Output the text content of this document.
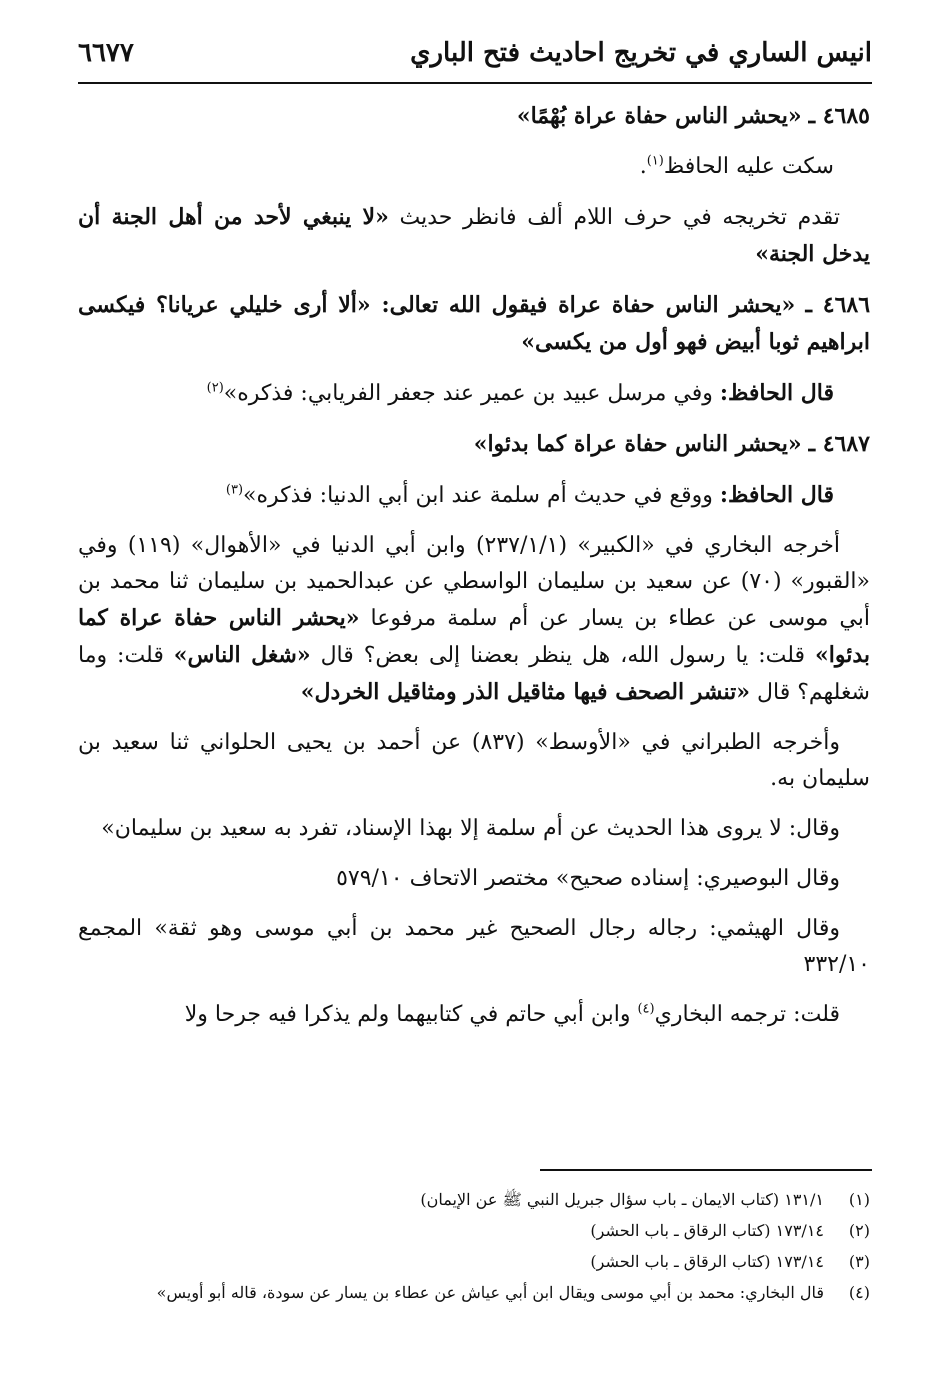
انيس الساري في تخريج احاديث فتح الباري
٦٦٧٧

٤٦٨٥ ـ «يحشر الناس حفاة عراة بُهْمًا»

سكت عليه الحافظ$^{(١)}$.

تقدم تخريجه في حرف اللام ألف فانظر حديث «لا ينبغي لأحد من أهل الجنة أن يدخل الجنة»

٤٦٨٦ ـ «يحشر الناس حفاة عراة فيقول الله تعالى: «ألا أرى خليلي عريانا؟ فيكسى ابراهيم ثوبا أبيض فهو أول من يكسى»

قال الحافظ: وفي مرسل عبيد بن عمير عند جعفر الفريابي: فذكره»$^{(٢)}$

٤٦٨٧ ـ «يحشر الناس حفاة عراة كما بدئوا»

قال الحافظ: ووقع في حديث أم سلمة عند ابن أبي الدنيا: فذكره»$^{(٣)}$

أخرجه البخاري في «الكبير» (٢٣٧/١/١) وابن أبي الدنيا في «الأهوال» (١١٩) وفي «القبور» (٧٠) عن سعيد بن سليمان الواسطي عن عبدالحميد بن سليمان ثنا محمد بن أبي موسى عن عطاء بن يسار عن أم سلمة مرفوعا «يحشر الناس حفاة عراة كما بدئوا» قلت: يا رسول الله، هل ينظر بعضنا إلى بعض؟ قال «شغل الناس» قلت: وما شغلهم؟ قال «تنشر الصحف فيها مثاقيل الذر ومثاقيل الخردل»

وأخرجه الطبراني في «الأوسط» (٨٣٧) عن أحمد بن يحيى الحلواني ثنا سعيد بن سليمان به.

وقال: لا يروى هذا الحديث عن أم سلمة إلا بهذا الإسناد، تفرد به سعيد بن سليمان»

وقال البوصيري: إسناده صحيح» مختصر الاتحاف ٥٧٩/١٠

وقال الهيثمي: رجاله رجال الصحيح غير محمد بن أبي موسى وهو ثقة» المجمع ٣٣٢/١٠

قلت: ترجمه البخاري$^{(٤)}$ وابن أبي حاتم في كتابيهما ولم يذكرا فيه جرحا ولا

(١)
١٣١/١ (كتاب الايمان ـ باب سؤال جبريل النبي ﷺ عن الإيمان)
(٢)
١٧٣/١٤ (كتاب الرقاق ـ باب الحشر)
(٣)
١٧٣/١٤ (كتاب الرقاق ـ باب الحشر)
(٤)
قال البخاري: محمد بن أبي موسى ويقال ابن أبي عياش عن عطاء بن يسار عن سودة، قاله أبو أويس»
